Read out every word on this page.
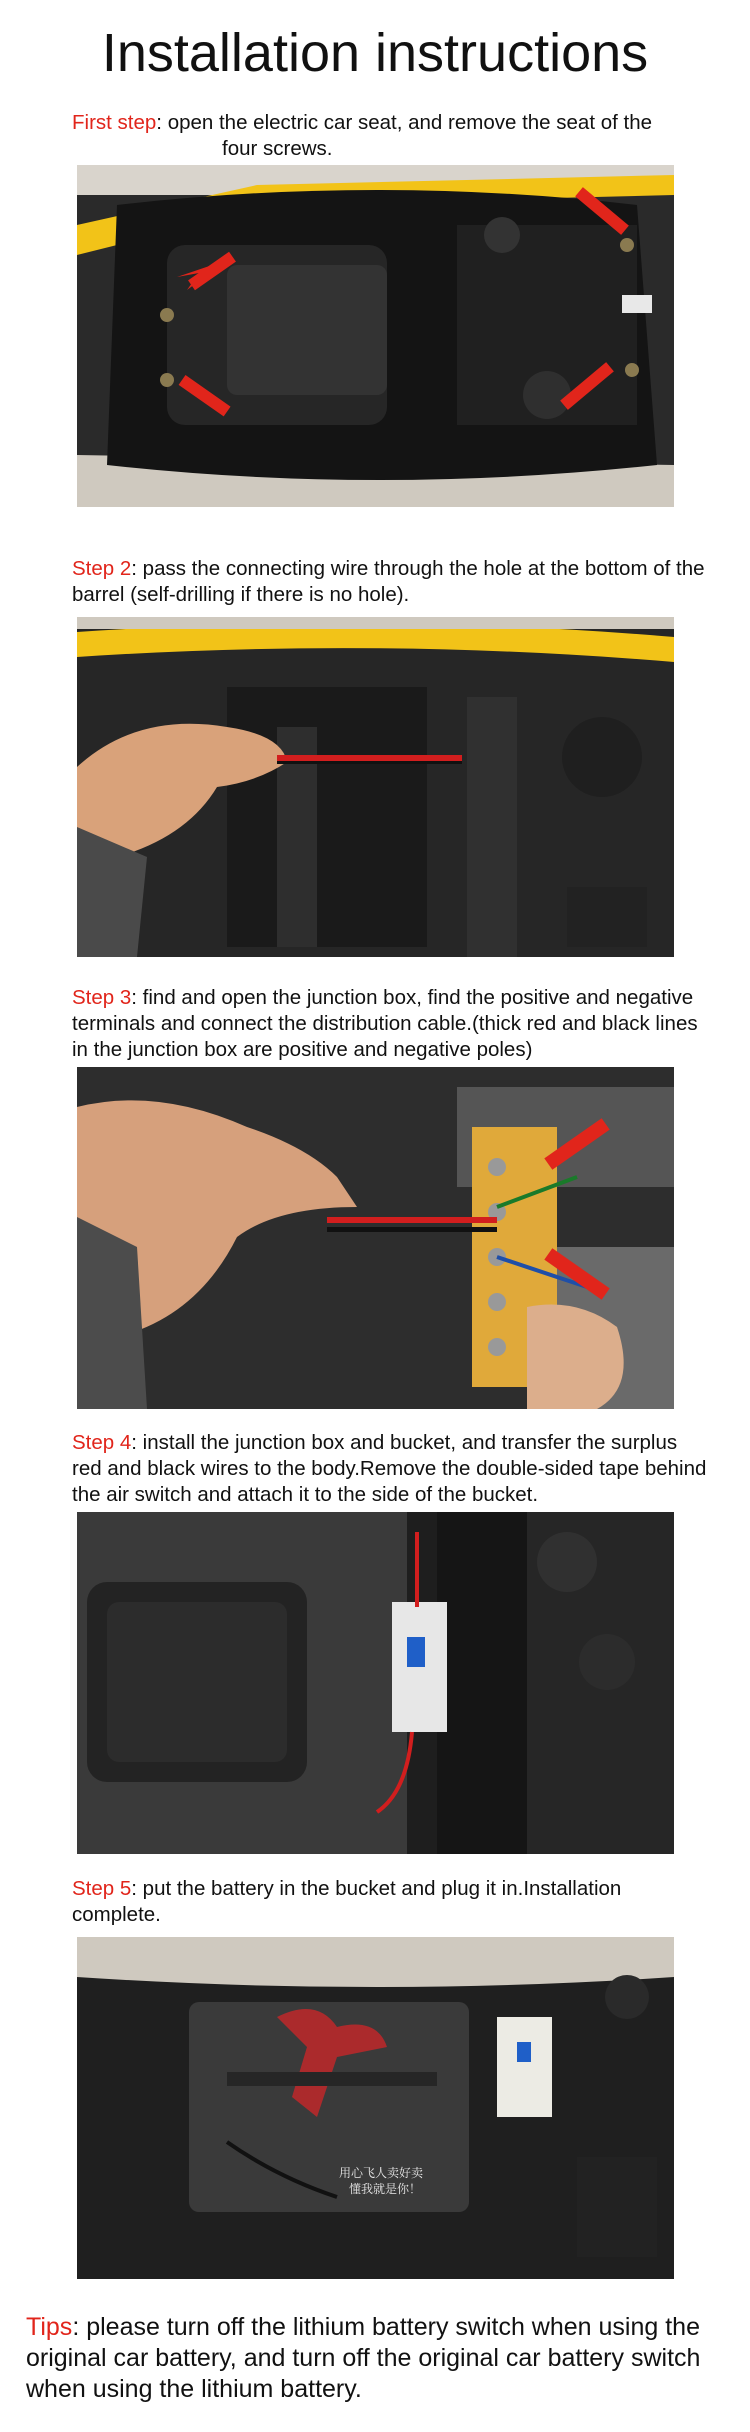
Installation instructions
First step: open the electric car seat, and remove the seat of the
four screws.
Step 2: pass the connecting wire through the hole at the bottom of the barrel (self-drilling if there is no hole).
Step 3: find and open the junction box, find the positive and negative terminals and connect the distribution cable.(thick red and black lines in the junction box are positive and negative poles)
Step 4: install the junction box and bucket, and transfer the surplus red and black wires to the body.Remove the double-sided tape behind the air switch and attach it to the side of the bucket.
Step 5: put the battery in the bucket and plug it in.Installation complete.
用心飞人卖好卖
懂我就是你！
Tips: please turn off the lithium battery switch when using the original car battery, and turn off the original car battery switch when using the lithium battery.
